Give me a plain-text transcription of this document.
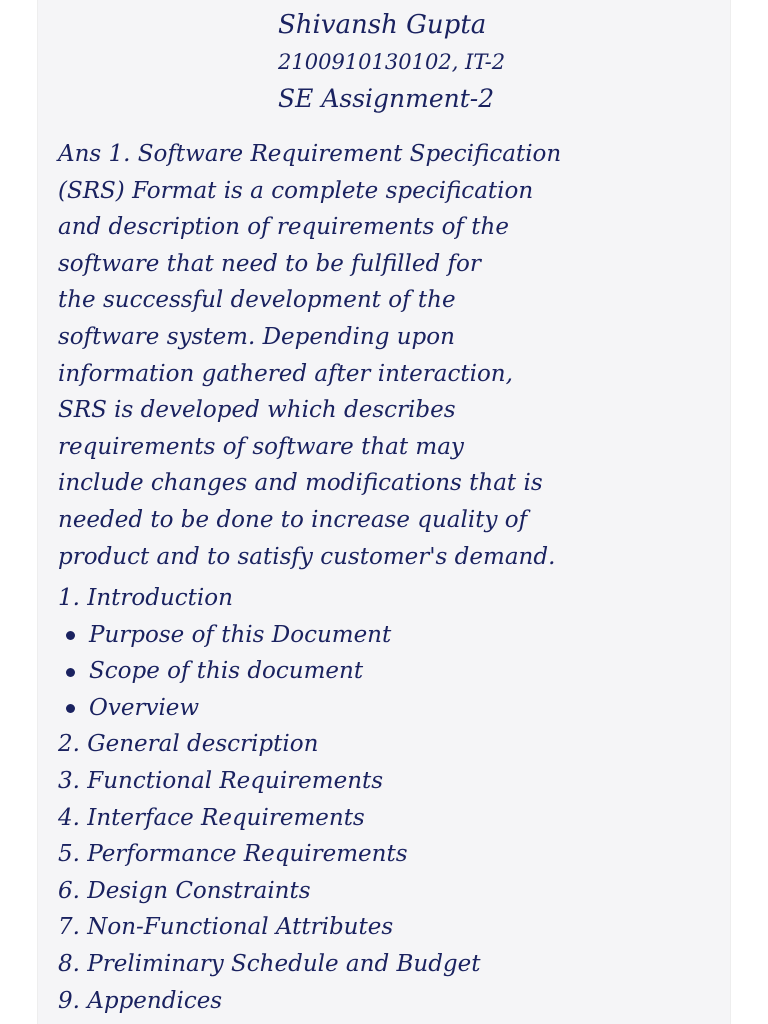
Shivansh Gupta
2100910130102, IT-2
SE Assignment-2
Ans 1. Software Requirement Specification
(SRS) Format is a complete specification
and description of requirements of the
software that need to be fulfilled for
the successful development of the
software system. Depending upon
information gathered after interaction,
SRS is developed which describes
requirements of software that may
include changes and modifications that is
needed to be done to increase quality of
product and to satisfy customer's demand.
1. Introduction
Purpose of this Document
Scope of this document
Overview
2. General description
3. Functional Requirements
4. Interface Requirements
5. Performance Requirements
6. Design Constraints
7. Non-Functional Attributes
8. Preliminary Schedule and Budget
9. Appendices
